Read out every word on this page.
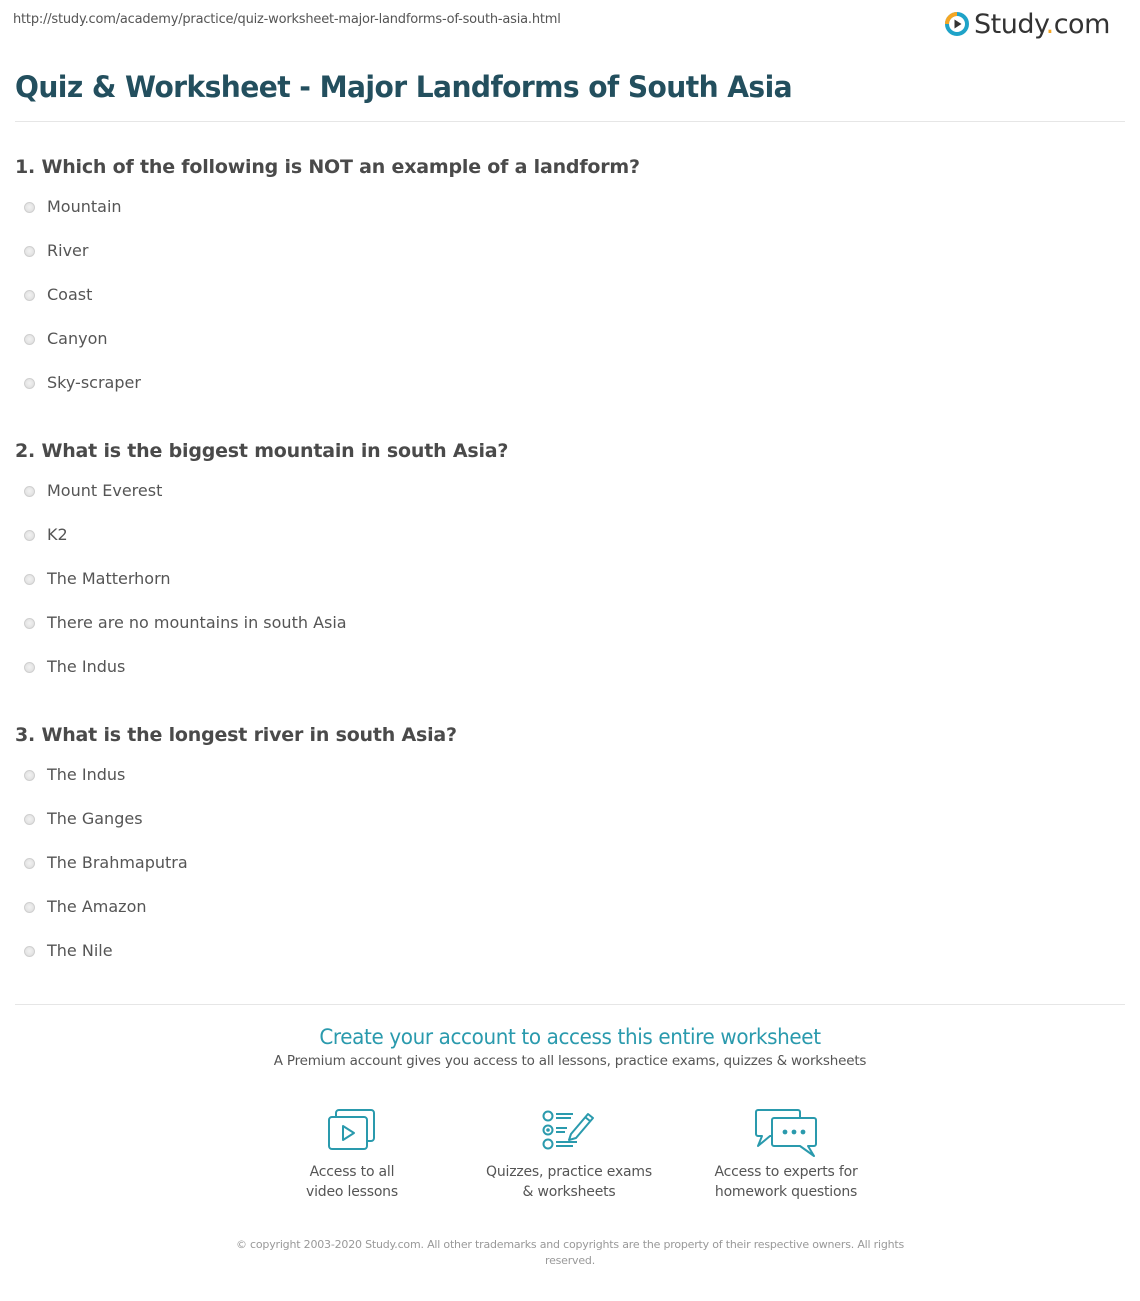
http://study.com/academy/practice/quiz-worksheet-major-landforms-of-south-asia.html	Study.com
Quiz & Worksheet - Major Landforms of South Asia
1. Which of the following is NOT an example of a landform?
Mountain
River
Coast
Canyon
Sky-scraper
2. What is the biggest mountain in south Asia?
Mount Everest
K2
The Matterhorn
There are no mountains in south Asia
The Indus
3. What is the longest river in south Asia?
The Indus
The Ganges
The Brahmaputra
The Amazon
The Nile
Create your account to access this entire worksheet
A Premium account gives you access to all lessons, practice exams, quizzes & worksheets
Access to all
video lessons
Quizzes, practice exams
& worksheets
Access to experts for
homework questions
© copyright 2003-2020 Study.com. All other trademarks and copyrights are the property of their respective owners. All rights reserved.
